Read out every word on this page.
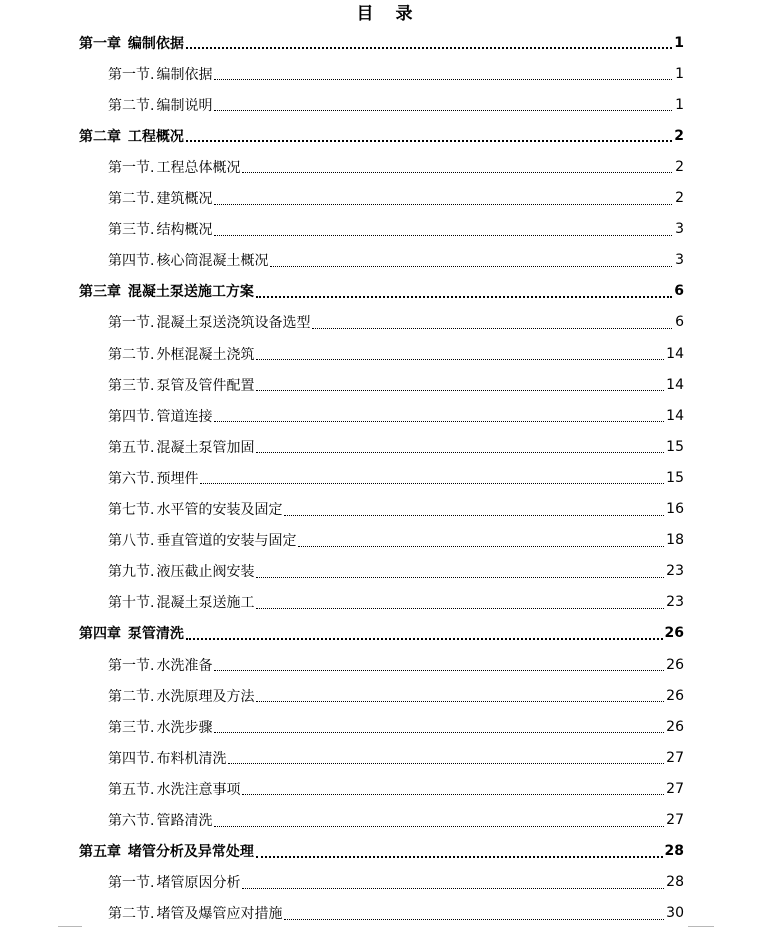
目 录
第一章 编制依据	1
第一节. 编制依据	1
第二节. 编制说明	1
第二章 工程概况	2
第一节. 工程总体概况	2
第二节. 建筑概况	2
第三节. 结构概况	3
第四节. 核心筒混凝土概况	3
第三章 混凝土泵送施工方案	6
第一节. 混凝土泵送浇筑设备选型	6
第二节. 外框混凝土浇筑	14
第三节. 泵管及管件配置	14
第四节. 管道连接	14
第五节. 混凝土泵管加固	15
第六节. 预埋件	15
第七节. 水平管的安装及固定	16
第八节. 垂直管道的安装与固定	18
第九节. 液压截止阀安装	23
第十节. 混凝土泵送施工	23
第四章 泵管清洗	26
第一节. 水洗准备	26
第二节. 水洗原理及方法	26
第三节. 水洗步骤	26
第四节. 布料机清洗	27
第五节. 水洗注意事项	27
第六节. 管路清洗	27
第五章 堵管分析及异常处理	28
第一节. 堵管原因分析	28
第二节. 堵管及爆管应对措施	30
